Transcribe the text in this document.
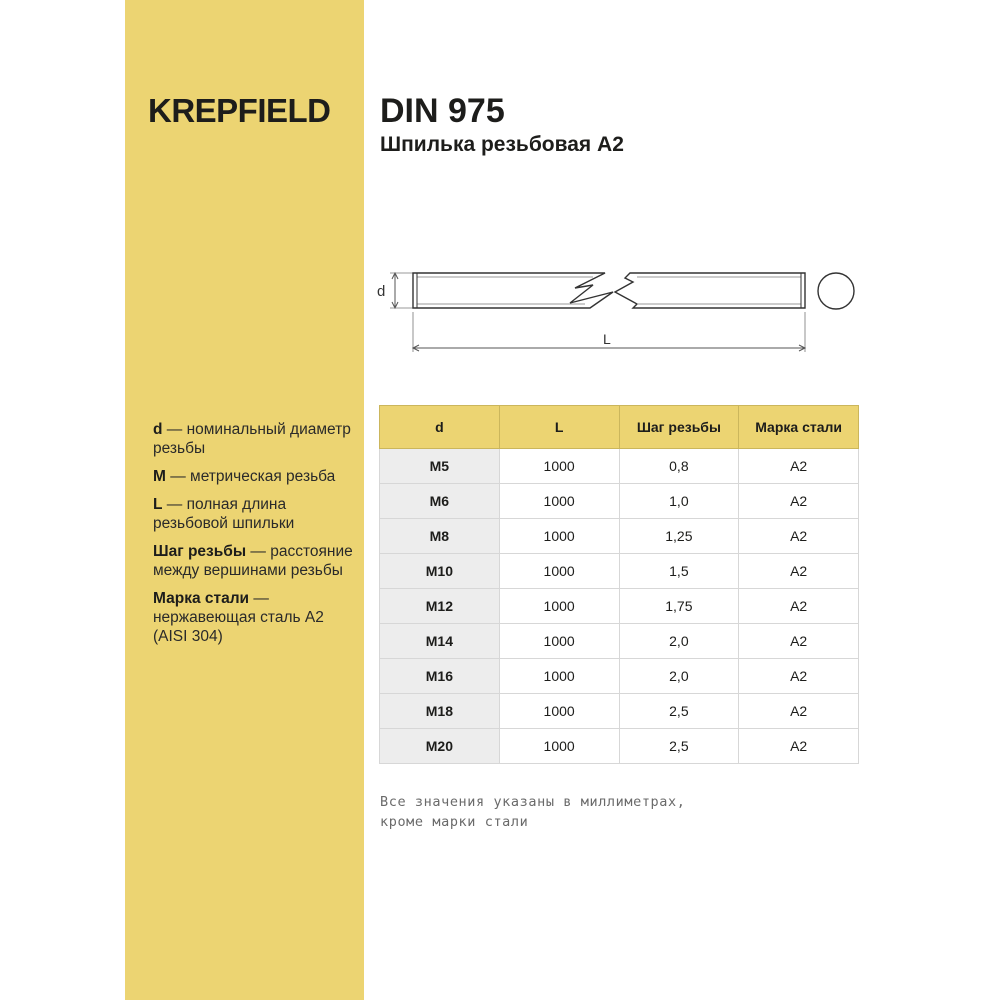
KREPFIELD DIN 975
Шпилька резьбовая А2
d
L
d — номинальный диаметр резьбы
M — метрическая резьба
L — полная длина резьбовой шпильки
Шаг резьбы — расстояние между вершинами резьбы
Марка стали — нержавеющая сталь A2 (AISI 304)
d	L	Шаг резьбы	Марка стали
M5	1000	0,8	A2
M6	1000	1,0	A2
M8	1000	1,25	A2
M10	1000	1,5	A2
M12	1000	1,75	A2
M14	1000	2,0	A2
M16	1000	2,0	A2
M18	1000	2,5	A2
M20	1000	2,5	A2
Все значения указаны в миллиметрах,
кроме марки стали
